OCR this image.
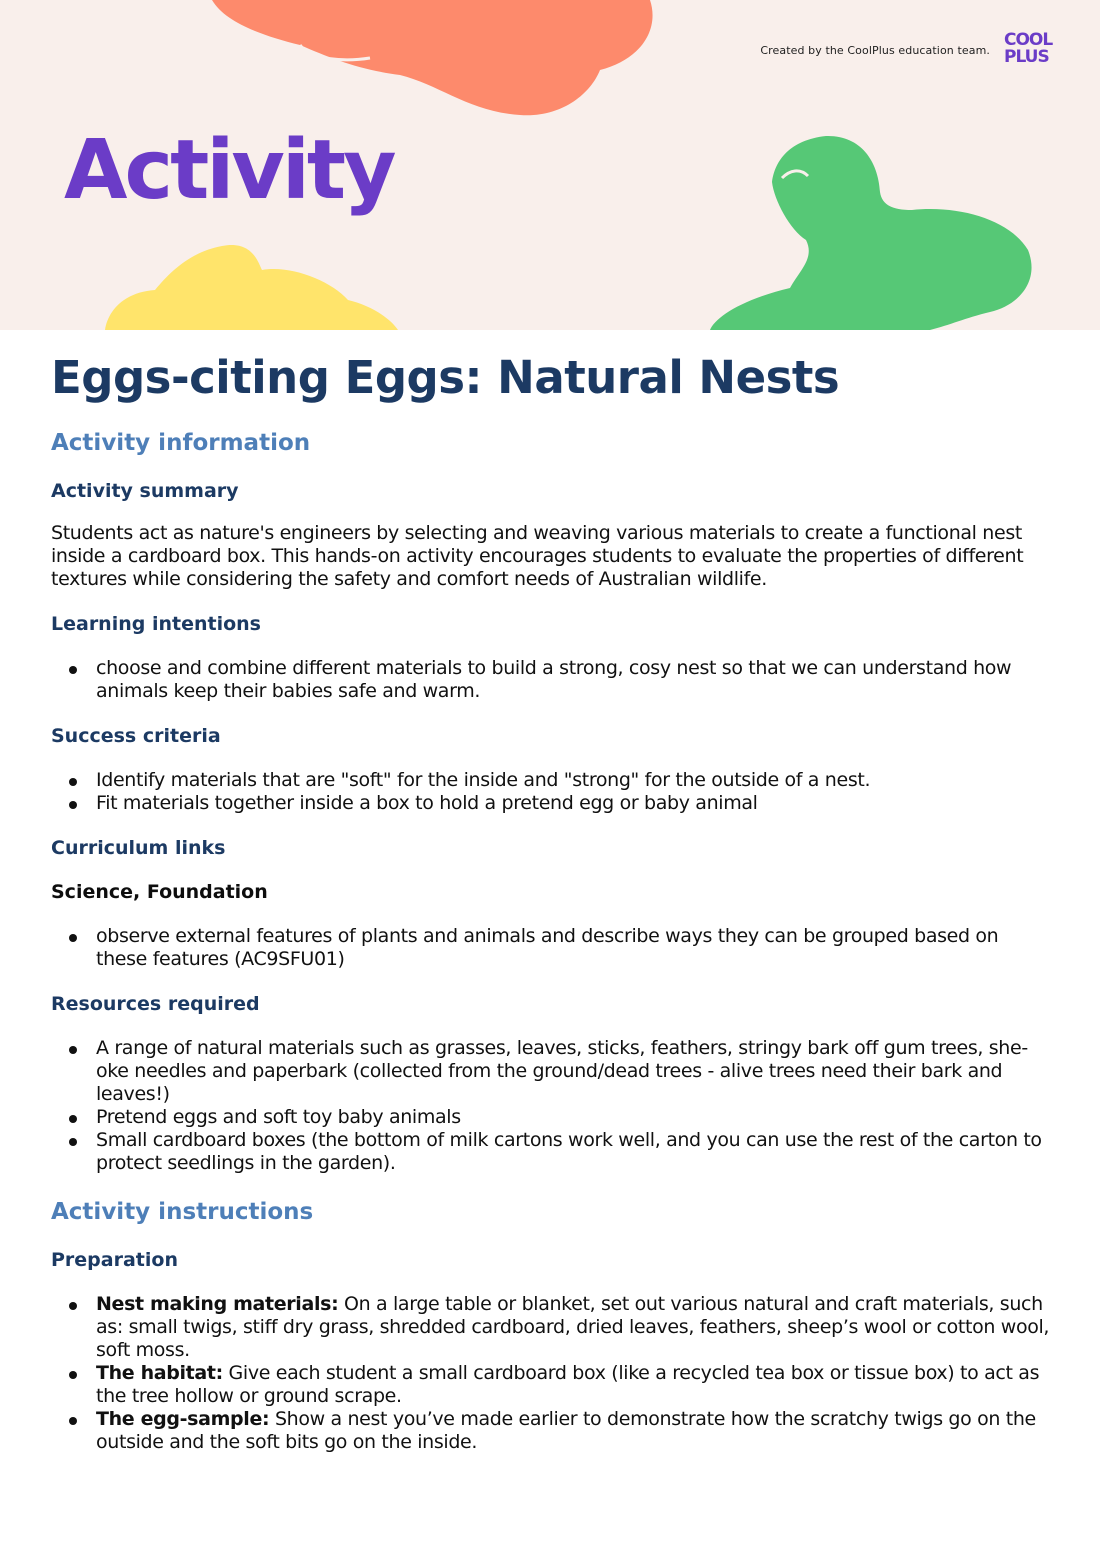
Created by the CoolPlus education team.
COOL
PLUS
Activity
Eggs-citing Eggs: Natural Nests
Activity information
Activity summary

Students act as nature's engineers by selecting and weaving various materials to create a functional nest inside a cardboard box. This hands-on activity encourages students to evaluate the properties of different textures while considering the safety and comfort needs of Australian wildlife.

Learning intentions
choose and combine different materials to build a strong, cosy nest so that we can understand how animals keep their babies safe and warm.
Success criteria
Identify materials that are "soft" for the inside and "strong" for the outside of a nest.
Fit materials together inside a box to hold a pretend egg or baby animal
Curriculum links
Science, Foundation
observe external features of plants and animals and describe ways they can be grouped based on these features (AC9SFU01)
Resources required
A range of natural materials such as grasses, leaves, sticks, feathers, stringy bark off gum trees, she-oke needles and paperbark (collected from the ground/dead trees - alive trees need their bark and leaves!)
Pretend eggs and soft toy baby animals
Small cardboard boxes (the bottom of milk cartons work well, and you can use the rest of the carton to protect seedlings in the garden).
Activity instructions
Preparation
Nest making materials: On a large table or blanket, set out various natural and craft materials, such as: small twigs, stiff dry grass, shredded cardboard, dried leaves, feathers, sheep’s wool or cotton wool, soft moss.
The habitat: Give each student a small cardboard box (like a recycled tea box or tissue box) to act as the tree hollow or ground scrape.
The egg-sample: Show a nest you’ve made earlier to demonstrate how the scratchy twigs go on the outside and the soft bits go on the inside.
